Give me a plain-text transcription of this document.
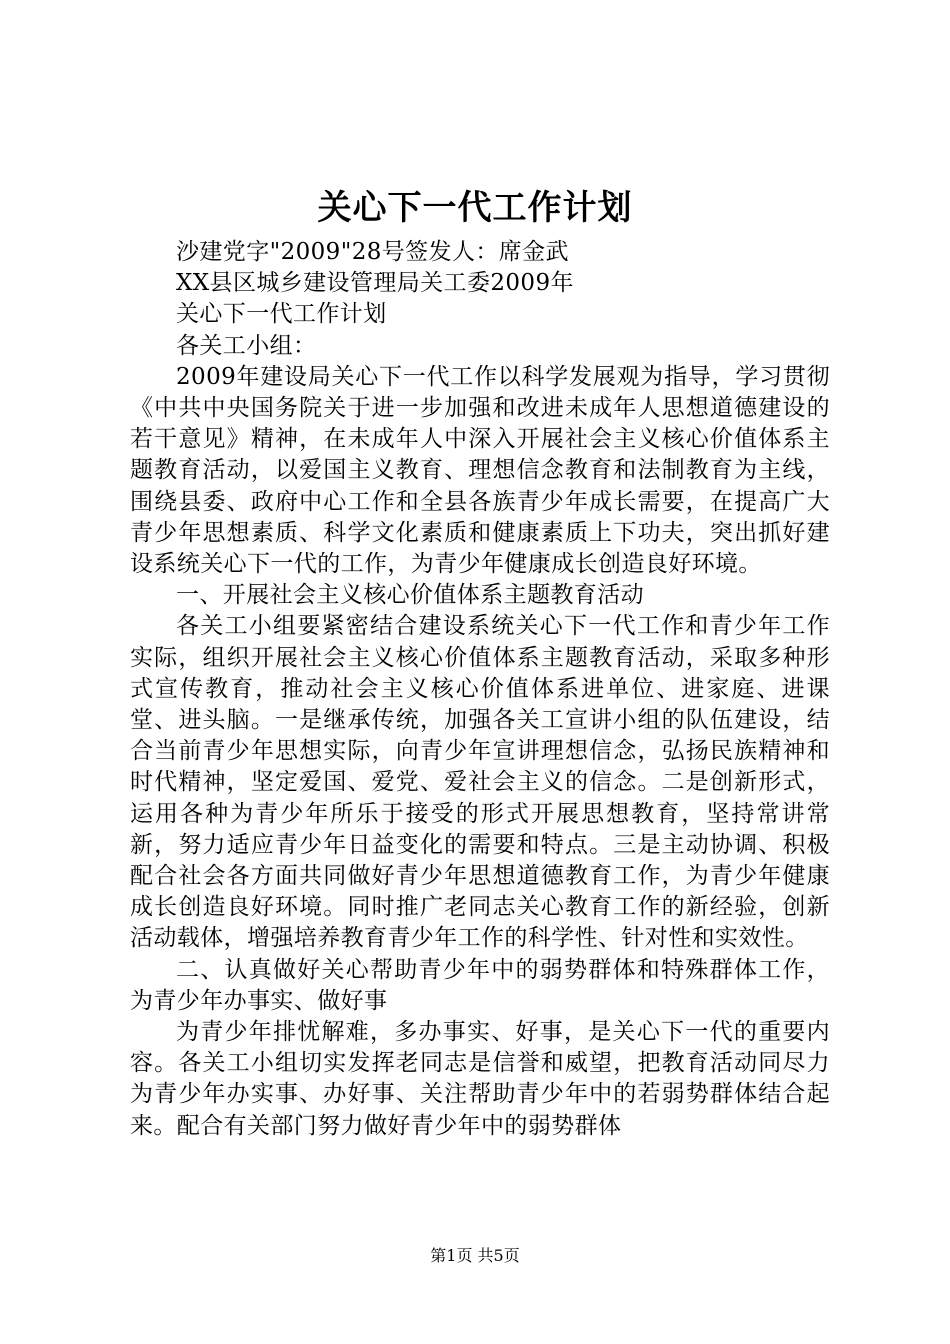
关心下一代工作计划

沙建党字"2009"28号签发人：席金武

XX县区城乡建设管理局关工委2009年

关心下一代工作计划

各关工小组：

2009年建设局关心下一代工作以科学发展观为指导，学习贯彻《中共中央国务院关于进一步加强和改进未成年人思想道德建设的若干意见》精神，在未成年人中深入开展社会主义核心价值体系主题教育活动，以爱国主义教育、理想信念教育和法制教育为主线，围绕县委、政府中心工作和全县各族青少年成长需要，在提高广大青少年思想素质、科学文化素质和健康素质上下功夫，突出抓好建设系统关心下一代的工作，为青少年健康成长创造良好环境。

一、开展社会主义核心价值体系主题教育活动

各关工小组要紧密结合建设系统关心下一代工作和青少年工作实际，组织开展社会主义核心价值体系主题教育活动，采取多种形式宣传教育，推动社会主义核心价值体系进单位、进家庭、进课堂、进头脑。一是继承传统，加强各关工宣讲小组的队伍建设，结合当前青少年思想实际，向青少年宣讲理想信念，弘扬民族精神和时代精神，坚定爱国、爱党、爱社会主义的信念。二是创新形式，运用各种为青少年所乐于接受的形式开展思想教育，坚持常讲常新，努力适应青少年日益变化的需要和特点。三是主动协调、积极配合社会各方面共同做好青少年思想道德教育工作，为青少年健康成长创造良好环境。同时推广老同志关心教育工作的新经验，创新活动载体，增强培养教育青少年工作的科学性、针对性和实效性。

二、认真做好关心帮助青少年中的弱势群体和特殊群体工作，为青少年办事实、做好事

为青少年排忧解难，多办事实、好事，是关心下一代的重要内容。各关工小组切实发挥老同志是信誉和威望，把教育活动同尽力为青少年办实事、办好事、关注帮助青少年中的若弱势群体结合起来。配合有关部门努力做好青少年中的弱势群体

第1页 共5页
